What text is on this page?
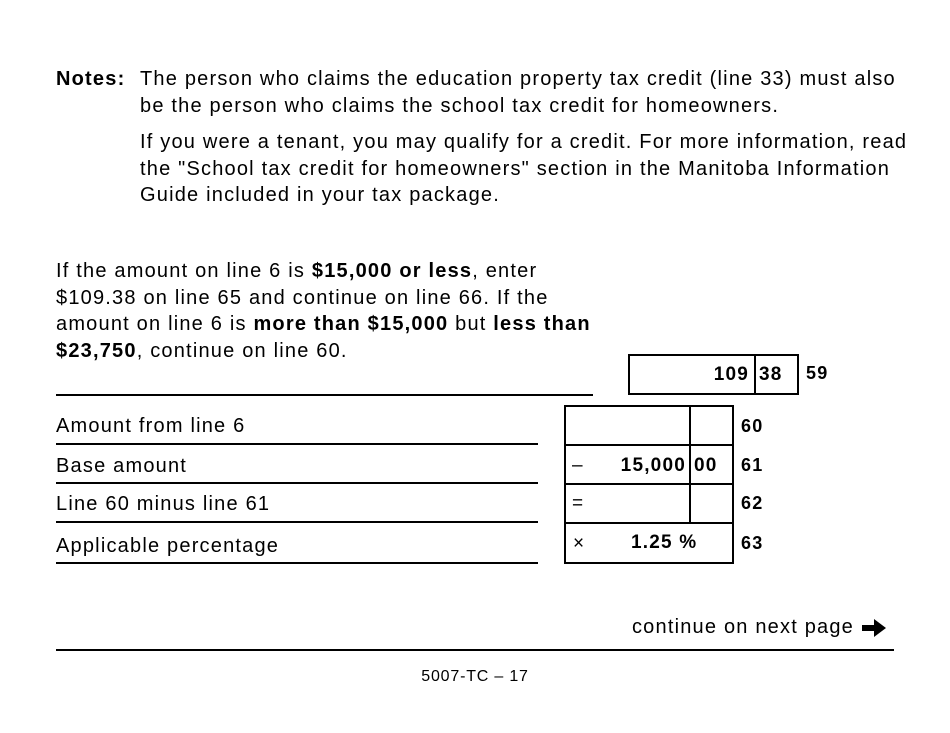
Notes: The person who claims the education property tax credit (line 33) must also be the person who claims the school tax credit for homeowners.
If you were a tenant, you may qualify for a credit. For more information, read the "School tax credit for homeowners" section in the Manitoba Information Guide included in your tax package.
If the amount on line 6 is $15,000 or less, enter $109.38 on line 65 and continue on line 66. If the amount on line 6 is more than $15,000 but less than $23,750, continue on line 60.
109 38 59
Amount from line 6
Base amount
Line 60 minus line 61
Applicable percentage
– 15,000 00
=
× 1.25 %
60
61
62
63
continue on next page
5007-TC – 17
